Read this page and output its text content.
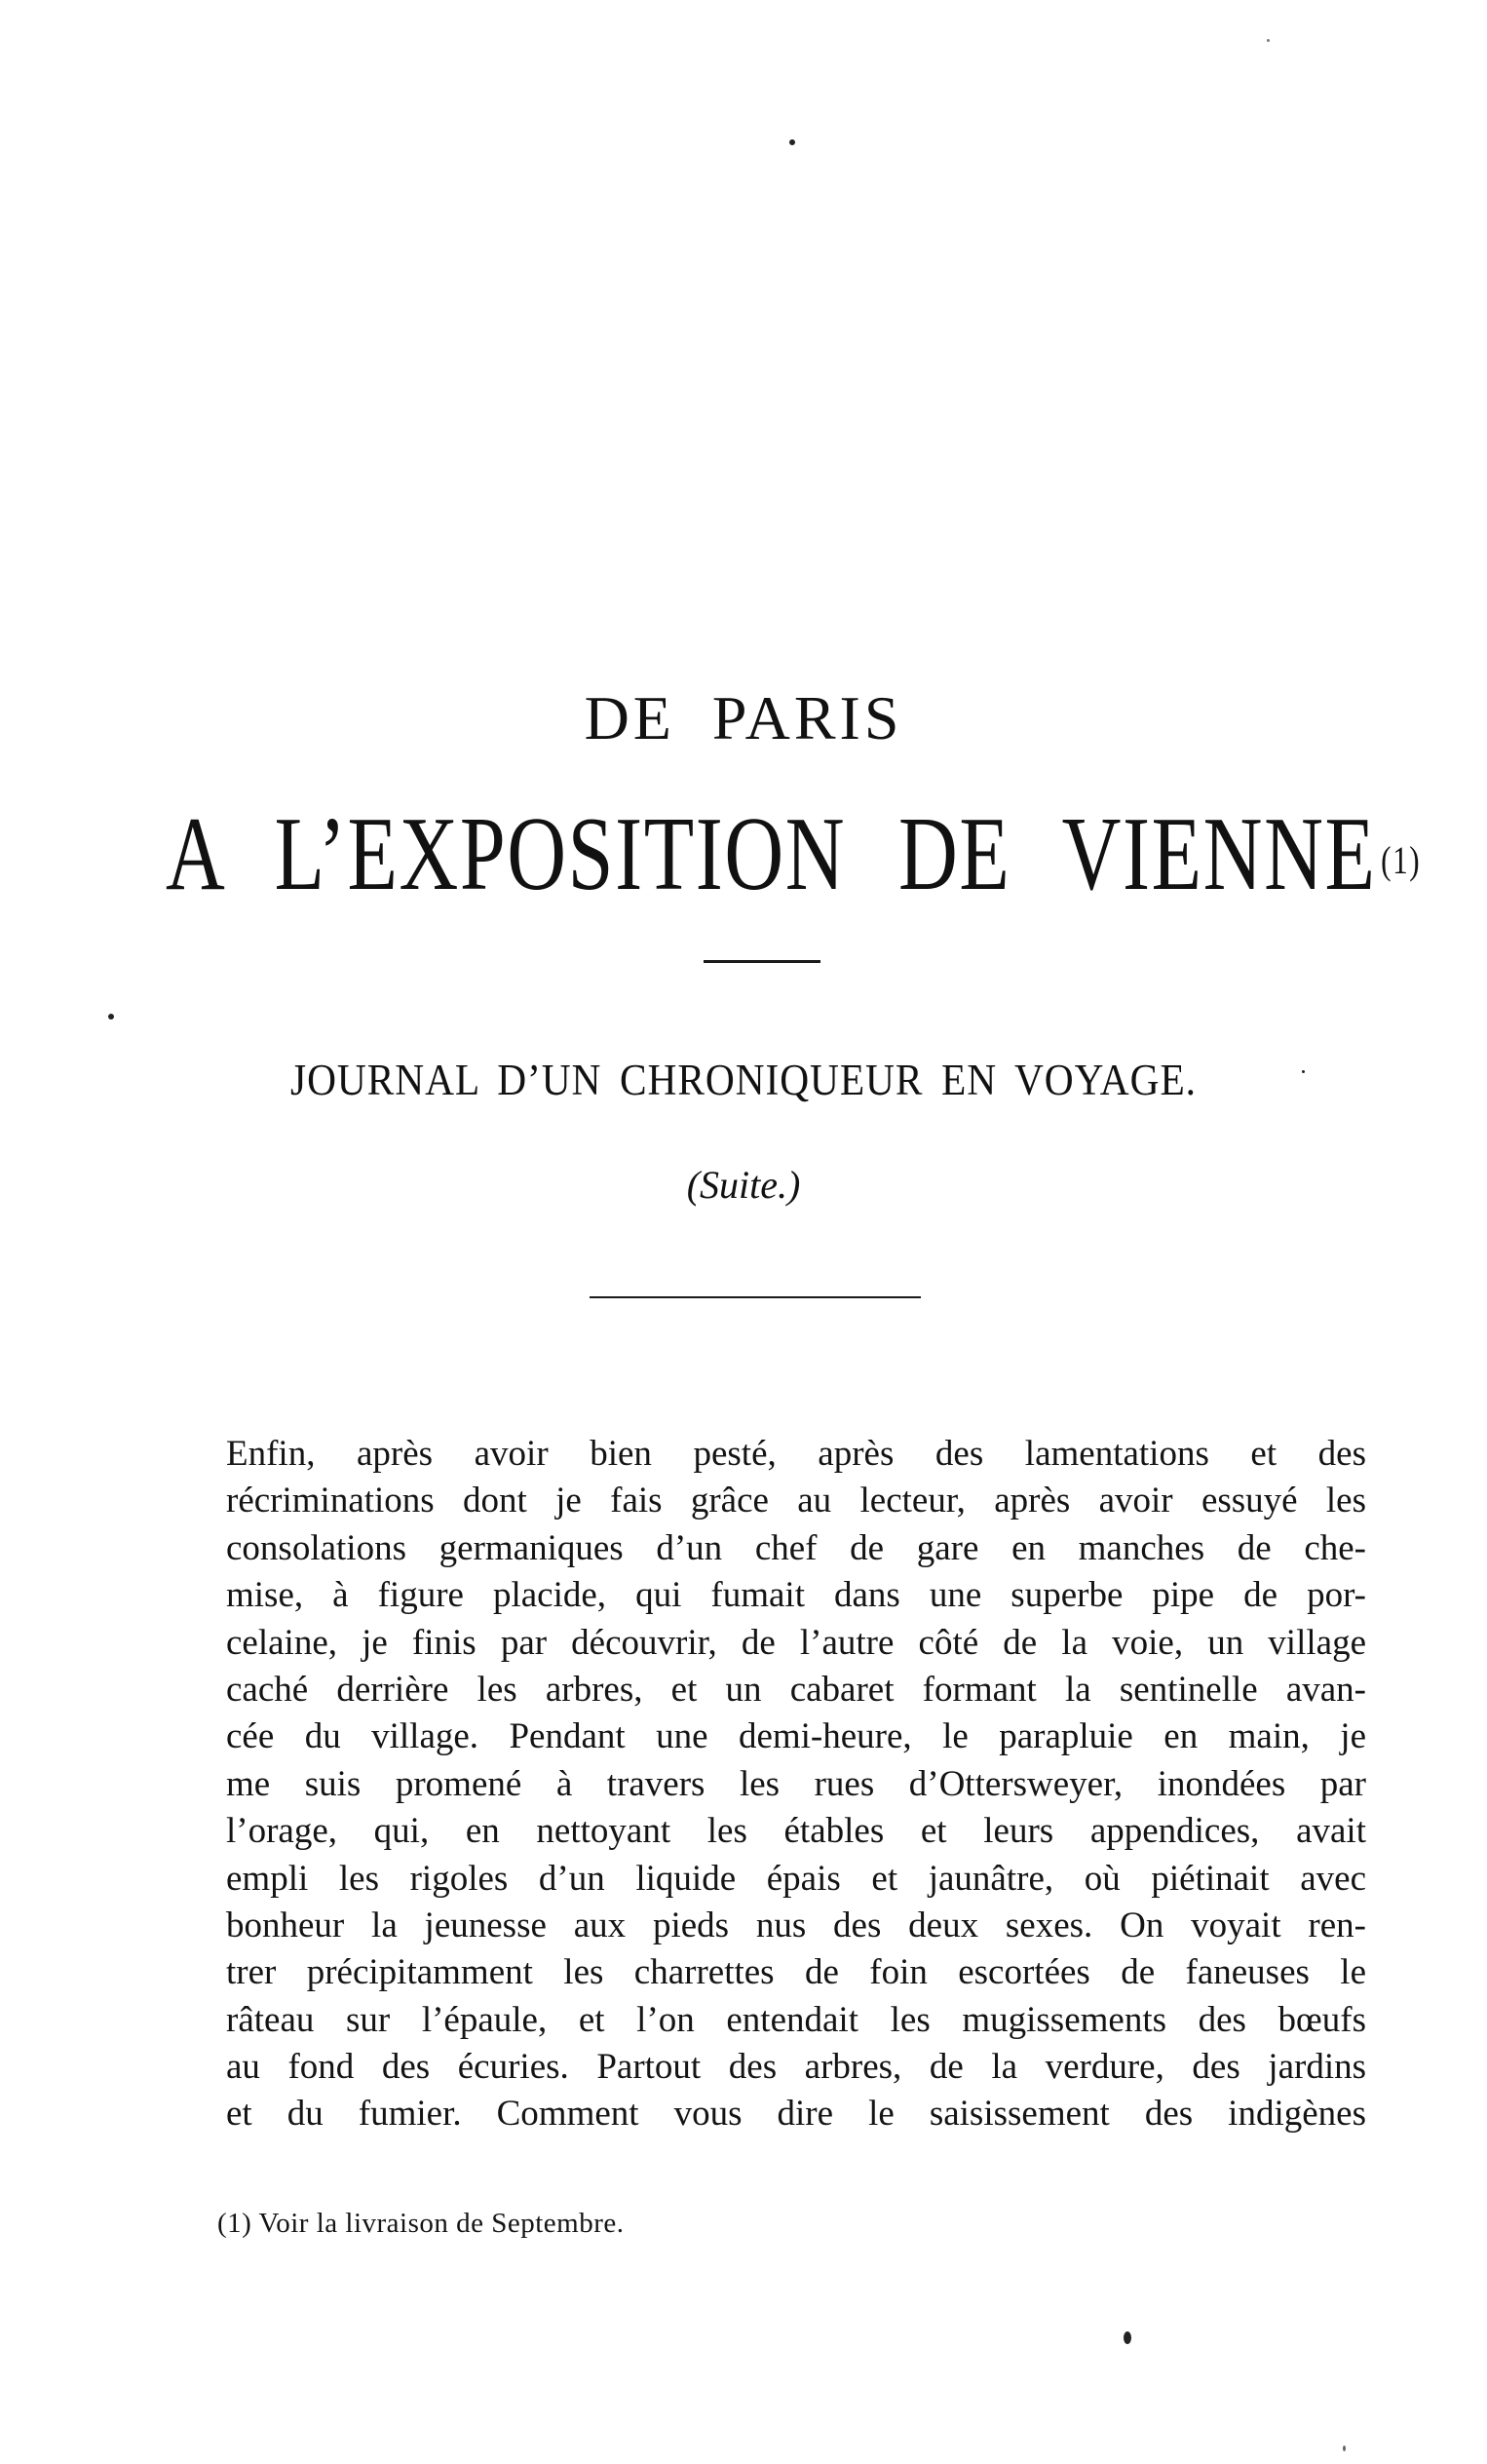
DE PARIS
A L’EXPOSITION DE VIENNE $^{(1)}$
JOURNAL D’UN CHRONIQUEUR EN VOYAGE.
(Suite.)
Enfin, après avoir bien pesté, après des lamentations et des
récriminations dont je fais grâce au lecteur, après avoir essuyé les
consolations germaniques d’un chef de gare en manches de che-
mise, à figure placide, qui fumait dans une superbe pipe de por-
celaine, je finis par découvrir, de l’autre côté de la voie, un village
caché derrière les arbres, et un cabaret formant la sentinelle avan-
cée du village. Pendant une demi-heure, le parapluie en main, je
me suis promené à travers les rues d’Ottersweyer, inondées par
l’orage, qui, en nettoyant les étables et leurs appendices, avait
empli les rigoles d’un liquide épais et jaunâtre, où piétinait avec
bonheur la jeunesse aux pieds nus des deux sexes. On voyait ren-
trer précipitamment les charrettes de foin escortées de faneuses le
râteau sur l’épaule, et l’on entendait les mugissements des bœufs
au fond des écuries. Partout des arbres, de la verdure, des jardins
et du fumier. Comment vous dire le saisissement des indigènes
(1) Voir la livraison de Septembre.
